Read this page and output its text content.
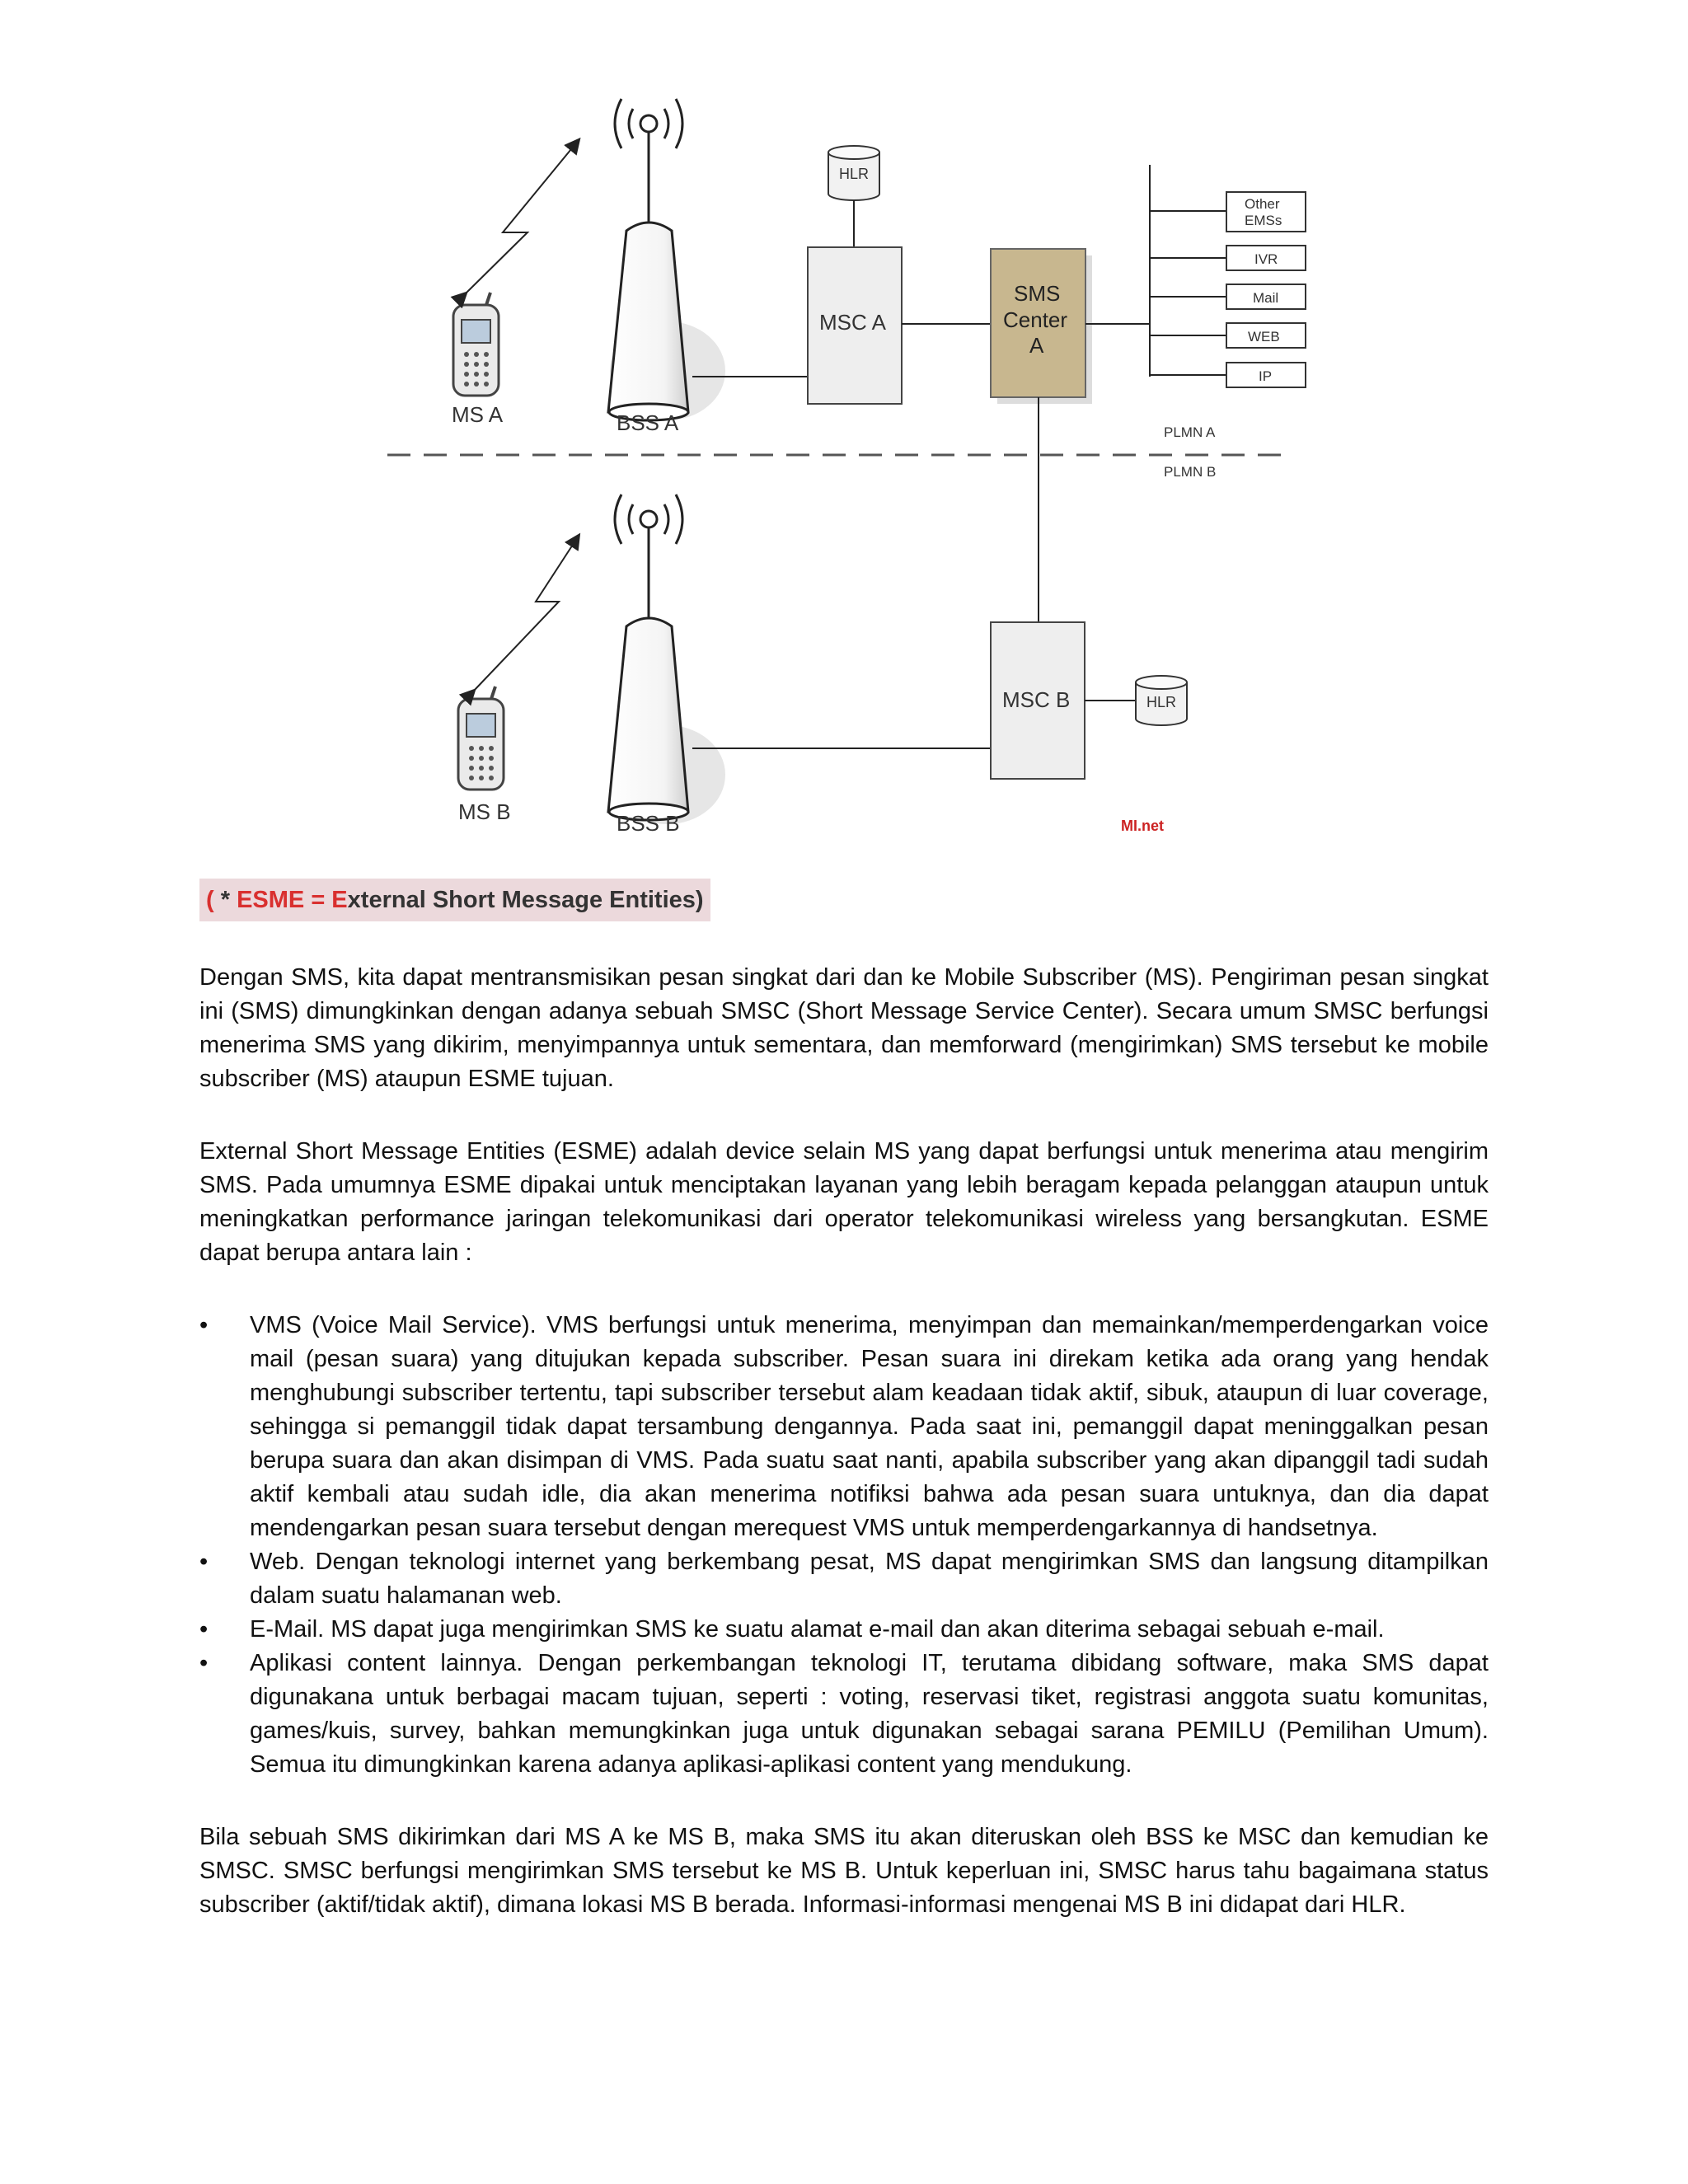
MS A	BSS A
HLR
MSC A
SMS
Center
A
Other
EMSs
IVR
Mail
WEB
IP
PLMN A
PLMN B
MS B	BSS B
MSC B	HLR
MI.net
( * ESME = External Short Message Entities)

Dengan SMS, kita dapat mentransmisikan pesan singkat dari dan ke Mobile Subscriber (MS). Pengiriman pesan singkat ini (SMS) dimungkinkan dengan adanya sebuah SMSC (Short Message Service Center). Secara umum SMSC berfungsi menerima SMS yang dikirim, menyimpannya untuk sementara, dan memforward (mengirimkan) SMS tersebut ke mobile subscriber (MS) ataupun ESME tujuan.

External Short Message Entities (ESME) adalah device selain MS yang dapat berfungsi untuk menerima atau mengirim SMS. Pada umumnya ESME dipakai untuk menciptakan layanan yang lebih beragam kepada pelanggan ataupun untuk meningkatkan performance jaringan telekomunikasi dari operator telekomunikasi wireless yang bersangkutan. ESME dapat berupa antara lain :

• VMS (Voice Mail Service). VMS berfungsi untuk menerima, menyimpan dan memainkan/memperdengarkan voice mail (pesan suara) yang ditujukan kepada subscriber. Pesan suara ini direkam ketika ada orang yang hendak menghubungi subscriber tertentu, tapi subscriber tersebut alam keadaan tidak aktif, sibuk, ataupun di luar coverage, sehingga si pemanggil tidak dapat tersambung dengannya. Pada saat ini, pemanggil dapat meninggalkan pesan berupa suara dan akan disimpan di VMS. Pada suatu saat nanti, apabila subscriber yang akan dipanggil tadi sudah aktif kembali atau sudah idle, dia akan menerima notifiksi bahwa ada pesan suara untuknya, dan dia dapat mendengarkan pesan suara tersebut dengan merequest VMS untuk memperdengarkannya di handsetnya.
• Web. Dengan teknologi internet yang berkembang pesat, MS dapat mengirimkan SMS dan langsung ditampilkan dalam suatu halamanan web.
• E-Mail. MS dapat juga mengirimkan SMS ke suatu alamat e-mail dan akan diterima sebagai sebuah e-mail.
• Aplikasi content lainnya. Dengan perkembangan teknologi IT, terutama dibidang software, maka SMS dapat digunakana untuk berbagai macam tujuan, seperti : voting, reservasi tiket, registrasi anggota suatu komunitas, games/kuis, survey, bahkan memungkinkan juga untuk digunakan sebagai sarana PEMILU (Pemilihan Umum). Semua itu dimungkinkan karena adanya aplikasi-aplikasi content yang mendukung.

Bila sebuah SMS dikirimkan dari MS A ke MS B, maka SMS itu akan diteruskan oleh BSS ke MSC dan kemudian ke SMSC. SMSC berfungsi mengirimkan SMS tersebut ke MS B. Untuk keperluan ini, SMSC harus tahu bagaimana status subscriber (aktif/tidak aktif), dimana lokasi MS B berada. Informasi-informasi mengenai MS B ini didapat dari HLR.
